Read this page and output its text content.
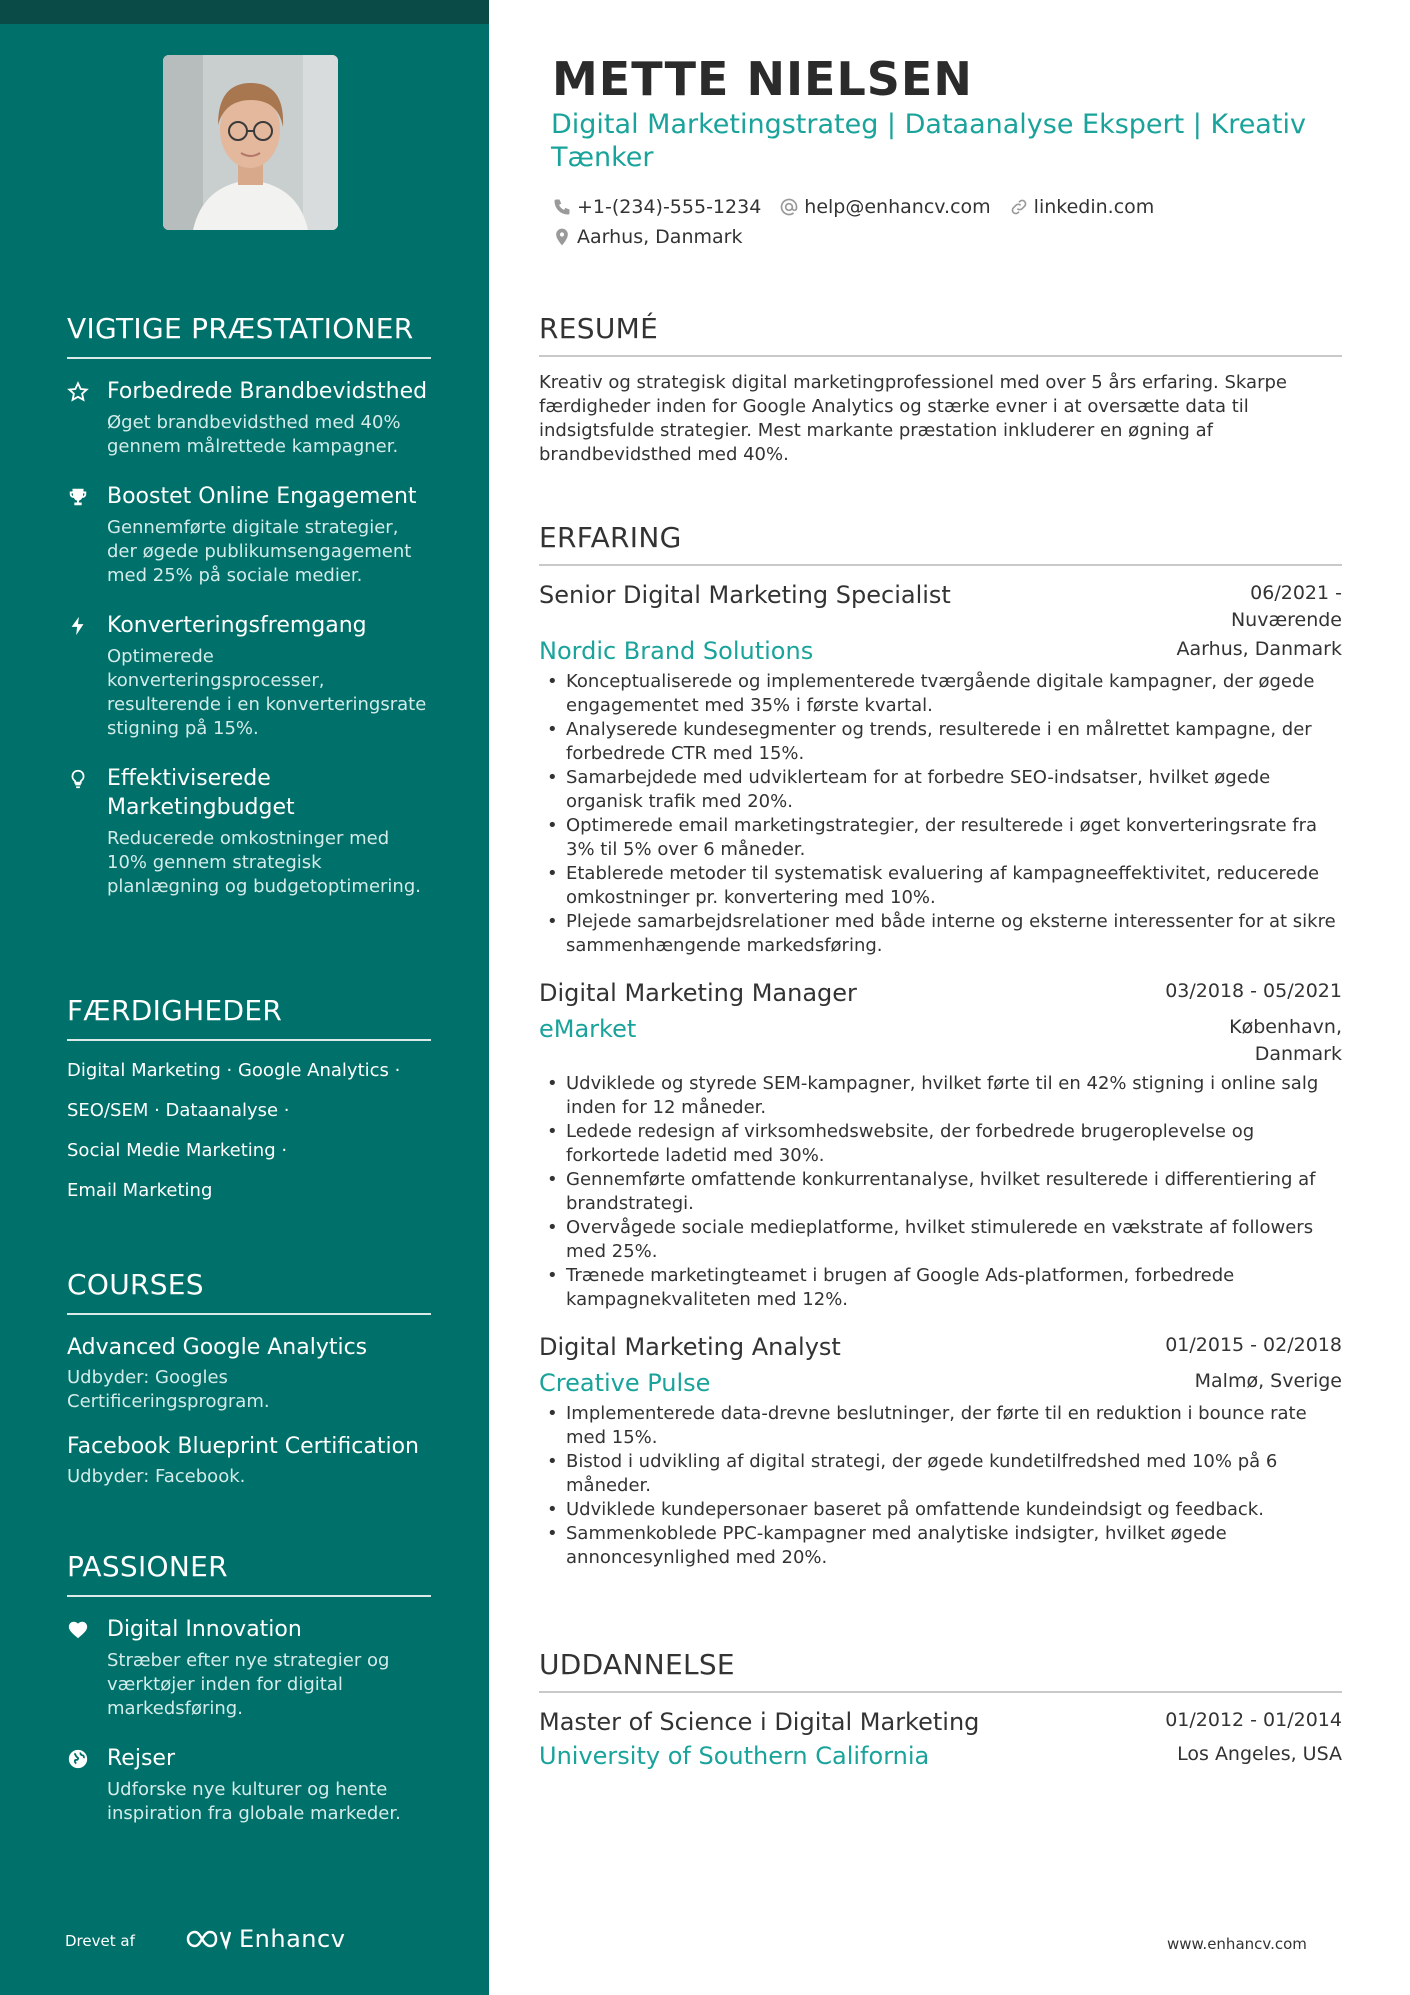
VIGTIGE PRÆSTATIONER
Forbedrede Brandbevidsthed
Øget brandbevidsthed med 40% gennem målrettede kampagner.
Boostet Online Engagement
Gennemførte digitale strategier, der øgede publikumsengagement med 25% på sociale medier.
Konverteringsfremgang
Optimerede konverteringsprocesser, resulterende i en konverteringsrate stigning på 15%.
Effektiviserede Marketingbudget
Reducerede omkostninger med 10% gennem strategisk planlægning og budgetoptimering.
FÆRDIGHEDER
Digital Marketing · Google Analytics ·
SEO/SEM · Dataanalyse ·
Social Medie Marketing ·
Email Marketing
COURSES
Advanced Google Analytics
Udbyder: Googles Certificeringsprogram.
Facebook Blueprint Certification
Udbyder: Facebook.
PASSIONER
Digital Innovation
Stræber efter nye strategier og værktøjer inden for digital markedsføring.
Rejser
Udforske nye kulturer og hente inspiration fra globale markeder.
Drevet af	Enhancv
METTE NIELSEN
Digital Marketingstrateg | Dataanalyse Ekspert | Kreativ Tænker
+1-(234)-555-1234 help@enhancv.com linkedin.com
Aarhus, Danmark
RESUMÉ
Kreativ og strategisk digital marketingprofessionel med over 5 års erfaring. Skarpe færdigheder inden for Google Analytics og stærke evner i at oversætte data til indsigtsfulde strategier. Mest markante præstation inkluderer en øgning af brandbevidsthed med 40%.
ERFARING
Senior Digital Marketing Specialist	06/2021 - Nuværende
Nordic Brand Solutions	Aarhus, Danmark
• Konceptualiserede og implementerede tværgående digitale kampagner, der øgede engagementet med 35% i første kvartal.
• Analyserede kundesegmenter og trends, resulterede i en målrettet kampagne, der forbedrede CTR med 15%.
• Samarbejdede med udviklerteam for at forbedre SEO-indsatser, hvilket øgede organisk trafik med 20%.
• Optimerede email marketingstrategier, der resulterede i øget konverteringsrate fra 3% til 5% over 6 måneder.
• Etablerede metoder til systematisk evaluering af kampagneeffektivitet, reducerede omkostninger pr. konvertering med 10%.
• Plejede samarbejdsrelationer med både interne og eksterne interessenter for at sikre sammenhængende markedsføring.
Digital Marketing Manager	03/2018 - 05/2021
eMarket	København, Danmark
• Udviklede og styrede SEM-kampagner, hvilket førte til en 42% stigning i online salg inden for 12 måneder.
• Ledede redesign af virksomhedswebsite, der forbedrede brugeroplevelse og forkortede ladetid med 30%.
• Gennemførte omfattende konkurrentanalyse, hvilket resulterede i differentiering af brandstrategi.
• Overvågede sociale medieplatforme, hvilket stimulerede en vækstrate af followers med 25%.
• Trænede marketingteamet i brugen af Google Ads-platformen, forbedrede kampagnekvaliteten med 12%.
Digital Marketing Analyst	01/2015 - 02/2018
Creative Pulse	Malmø, Sverige
• Implementerede data-drevne beslutninger, der førte til en reduktion i bounce rate med 15%.
• Bistod i udvikling af digital strategi, der øgede kundetilfredshed med 10% på 6 måneder.
• Udviklede kundepersonaer baseret på omfattende kundeindsigt og feedback.
• Sammenkoblede PPC-kampagner med analytiske indsigter, hvilket øgede annoncesynlighed med 20%.
UDDANNELSE
Master of Science i Digital Marketing	01/2012 - 01/2014
University of Southern California	Los Angeles, USA
www.enhancv.com
